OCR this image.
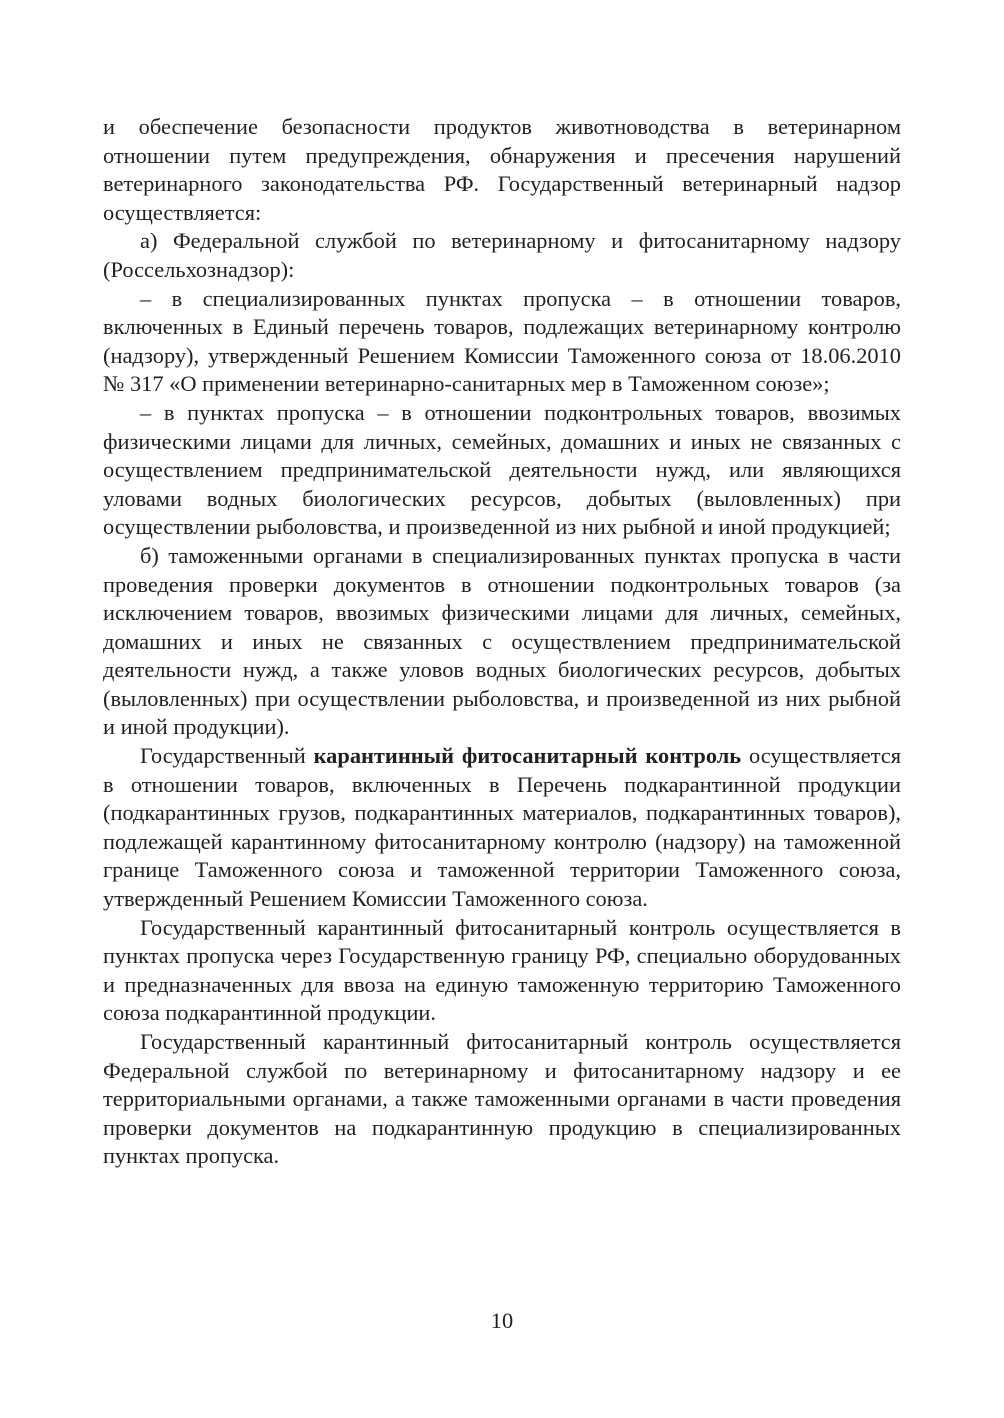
и обеспечение безопасности продуктов животноводства в ветеринарном отношении путем предупреждения, обнаружения и пресечения нарушений ветеринарного законодательства РФ. Государственный ветеринарный надзор осуществляется:

а) Федеральной службой по ветеринарному и фитосанитарному надзору (Россельхознадзор):

– в специализированных пунктах пропуска – в отношении товаров, включенных в Единый перечень товаров, подлежащих ветеринарному контролю (надзору), утвержденный Решением Комиссии Таможенного союза от 18.06.2010 № 317 «О применении ветеринарно-санитарных мер в Таможенном союзе»;

– в пунктах пропуска – в отношении подконтрольных товаров, ввозимых физическими лицами для личных, семейных, домашних и иных не связанных с осуществлением предпринимательской деятельности нужд, или являющихся уловами водных биологических ресурсов, добытых (выловленных) при осуществлении рыболовства, и произведенной из них рыбной и иной продукцией;

б) таможенными органами в специализированных пунктах пропуска в части проведения проверки документов в отношении подконтрольных товаров (за исключением товаров, ввозимых физическими лицами для личных, семейных, домашних и иных не связанных с осуществлением предпринимательской деятельности нужд, а также уловов водных биологических ресурсов, добытых (выловленных) при осуществлении рыболовства, и произведенной из них рыбной и иной продукции).

Государственный карантинный фитосанитарный контроль осуществляется в отношении товаров, включенных в Перечень подкарантинной продукции (подкарантинных грузов, подкарантинных материалов, подкарантинных товаров), подлежащей карантинному фитосанитарному контролю (надзору) на таможенной границе Таможенного союза и таможенной территории Таможенного союза, утвержденный Решением Комиссии Таможенного союза.

Государственный карантинный фитосанитарный контроль осуществляется в пунктах пропуска через Государственную границу РФ, специально оборудованных и предназначенных для ввоза на единую таможенную территорию Таможенного союза подкарантинной продукции.

Государственный карантинный фитосанитарный контроль осуществляется Федеральной службой по ветеринарному и фитосанитарному надзору и ее территориальными органами, а также таможенными органами в части проведения проверки документов на подкарантинную продукцию в специализированных пунктах пропуска.

10
